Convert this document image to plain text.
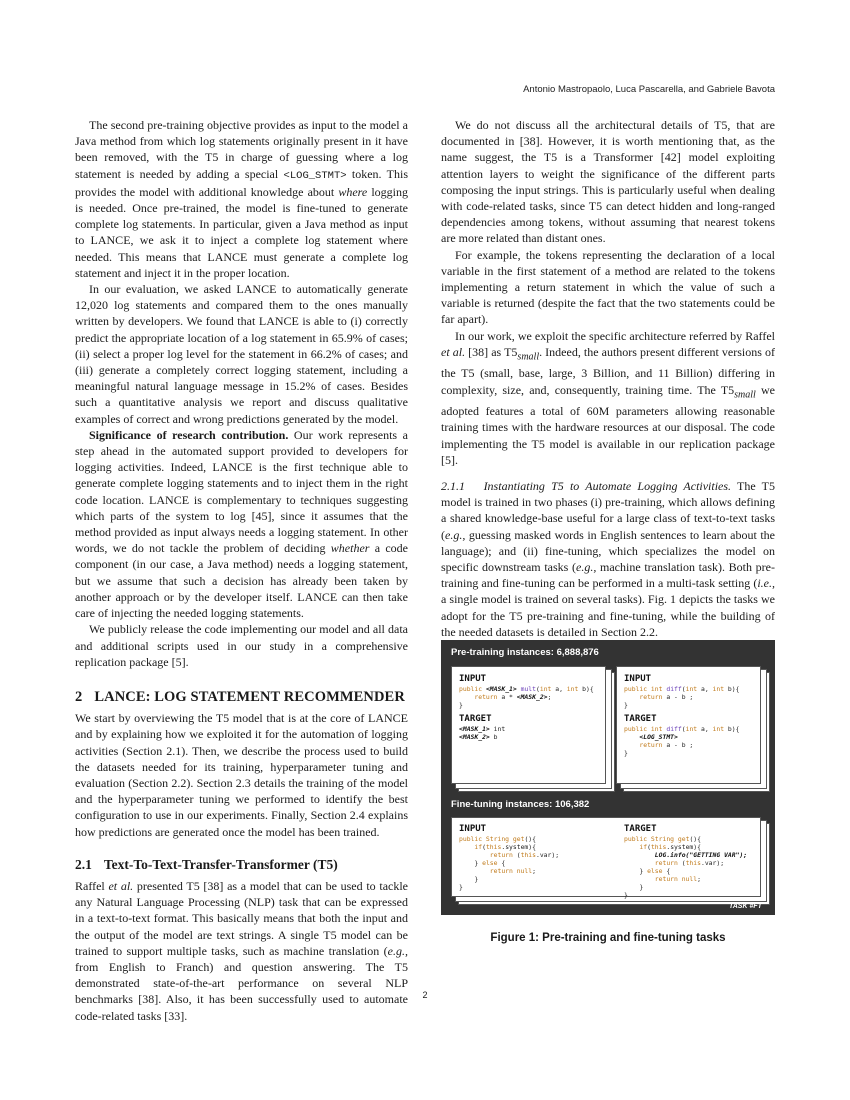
Antonio Mastropaolo, Luca Pascarella, and Gabriele Bavota

The second pre-training objective provides as input to the model a Java method from which log statements originally present in it have been removed, with the T5 in charge of guessing where a log statement is needed by adding a special <LOG_STMT> token. This provides the model with additional knowledge about where logging is needed. Once pre-trained, the model is fine-tuned to generate complete log statements. In particular, given a Java method as input to LANCE, we ask it to inject a complete log statement where needed. This means that LANCE must generate a complete log statement and inject it in the proper location.

In our evaluation, we asked LANCE to automatically generate 12,020 log statements and compared them to the ones manually written by developers. We found that LANCE is able to (i) correctly predict the appropriate location of a log statement in 65.9% of cases; (ii) select a proper log level for the statement in 66.2% of cases; and (iii) generate a completely correct logging statement, including a meaningful natural language message in 15.2% of cases. Besides such a quantitative analysis we report and discuss qualitative examples of correct and wrong predictions generated by the model.

Significance of research contribution. Our work represents a step ahead in the automated support provided to developers for logging activities. Indeed, LANCE is the first technique able to generate complete logging statements and to inject them in the right code location. LANCE is complementary to techniques suggesting which parts of the system to log [45], since it assumes that the method provided as input always needs a logging statement. In other words, we do not tackle the problem of deciding whether a code component (in our case, a Java method) needs a logging statement, but we assume that such a decision has already been taken by another approach or by the developer itself. LANCE can then take care of injecting the needed logging statements.

We publicly release the code implementing our model and all data and additional scripts used in our study in a comprehensive replication package [5].

2 LANCE: LOG STATEMENT RECOMMENDER

We start by overviewing the T5 model that is at the core of LANCE and by explaining how we exploited it for the automation of logging activities (Section 2.1). Then, we describe the process used to build the datasets needed for its training, hyperparameter tuning and evaluation (Section 2.2). Section 2.3 details the training of the model and the hyperparameter tuning we performed to identify the best configuration to use in our experiments. Finally, Section 2.4 explains how predictions are generated once the model has been trained.

2.1 Text-To-Text-Transfer-Transformer (T5)

Raffel et al. presented T5 [38] as a model that can be used to tackle any Natural Language Processing (NLP) task that can be expressed in a text-to-text format. This basically means that both the input and the output of the model are text strings. A single T5 model can be trained to support multiple tasks, such as machine translation (e.g., from English to Franch) and question answering. The T5 demonstrated state-of-the-art performance on several NLP benchmarks [38]. Also, it has been successfully used to automate code-related tasks [33].

We do not discuss all the architectural details of T5, that are documented in [38]. However, it is worth mentioning that, as the name suggest, the T5 is a Transformer [42] model exploiting attention layers to weight the significance of the different parts composing the input strings. This is particularly useful when dealing with code-related tasks, since T5 can detect hidden and long-ranged dependencies among tokens, without assuming that nearest tokens are more related than distant ones.

For example, the tokens representing the declaration of a local variable in the first statement of a method are related to the tokens implementing a return statement in which the value of such a variable is returned (despite the fact that the two statements could be far apart).

In our work, we exploit the specific architecture referred by Raffel et al. [38] as $T5_{small}$. Indeed, the authors present different versions of the T5 (small, base, large, 3 Billion, and 11 Billion) differing in complexity, size, and, consequently, training time. The $T5_{small}$ we adopted features a total of 60M parameters allowing reasonable training times with the hardware resources at our disposal. The code implementing the T5 model is available in our replication package [5].

2.1.1 Instantiating T5 to Automate Logging Activities. The T5 model is trained in two phases (i) pre-training, which allows defining a shared knowledge-base useful for a large class of text-to-text tasks (e.g., guessing masked words in English sentences to learn about the language); and (ii) fine-tuning, which specializes the model on specific downstream tasks (e.g., machine translation task). Both pre-training and fine-tuning can be performed in a multi-task setting (i.e., a single model is trained on several tasks). Fig. 1 depicts the tasks we adopt for the T5 pre-training and fine-tuning, while the building of the needed datasets is detailed in Section 2.2.

Pre-training instances: 6,888,876
INPUT
public <MASK_1> mult(int a, int b){
return a * <MASK_2>;
}
TARGET
<MASK_1> int
<MASK_2> b
TASK #P1
INPUT
public int diff(int a, int b){
return a - b ;
}
TARGET
public int diff(int a, int b){
<LOG_STMT>
return a - b ;
}
TASK #P2
Fine-tuning instances: 106,382
INPUT
public String get(){
if(this.system){
return (this.var);
} else {
return null;
}
}
TARGET
public String get(){
if(this.system){
LOG.info("GETTING VAR");
return (this.var);
} else {
return null;
}
}
TASK #FT
Figure 1: Pre-training and fine-tuning tasks
2
